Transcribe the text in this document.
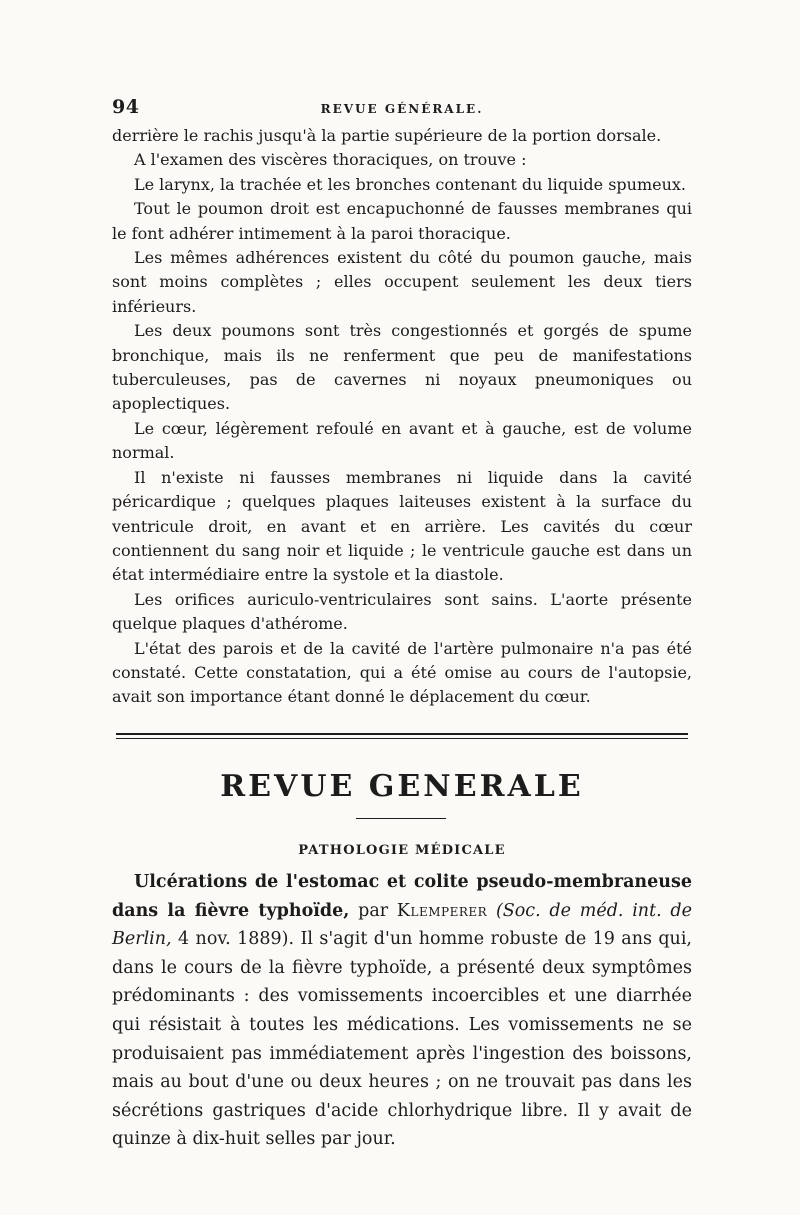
94	REVUE GÉNÉRALE.

derrière le rachis jusqu'à la partie supérieure de la portion dorsale.

A l'examen des viscères thoraciques, on trouve :

Le larynx, la trachée et les bronches contenant du liquide spumeux.

Tout le poumon droit est encapuchonné de fausses membranes qui le font adhérer intimement à la paroi thoracique.

Les mêmes adhérences existent du côté du poumon gauche, mais sont moins complètes ; elles occupent seulement les deux tiers inférieurs.

Les deux poumons sont très congestionnés et gorgés de spume bronchique, mais ils ne renferment que peu de manifestations tuberculeuses, pas de cavernes ni noyaux pneumoniques ou apoplectiques.

Le cœur, légèrement refoulé en avant et à gauche, est de volume normal.

Il n'existe ni fausses membranes ni liquide dans la cavité péricardique ; quelques plaques laiteuses existent à la surface du ventricule droit, en avant et en arrière. Les cavités du cœur contiennent du sang noir et liquide ; le ventricule gauche est dans un état intermédiaire entre la systole et la diastole.

Les orifices auriculo-ventriculaires sont sains. L'aorte présente quelque plaques d'athérome.

L'état des parois et de la cavité de l'artère pulmonaire n'a pas été constaté. Cette constatation, qui a été omise au cours de l'autopsie, avait son importance étant donné le déplacement du cœur.

REVUE GENERALE
PATHOLOGIE MÉDICALE

Ulcérations de l'estomac et colite pseudo-membraneuse dans la fièvre typhoïde, par Klemperer (Soc. de méd. int. de Berlin, 4 nov. 1889). Il s'agit d'un homme robuste de 19 ans qui, dans le cours de la fièvre typhoïde, a présenté deux symptômes prédominants : des vomissements incoercibles et une diarrhée qui résistait à toutes les médications. Les vomissements ne se produisaient pas immédiatement après l'ingestion des boissons, mais au bout d'une ou deux heures ; on ne trouvait pas dans les sécrétions gastriques d'acide chlorhydrique libre. Il y avait de quinze à dix-huit selles par jour.
